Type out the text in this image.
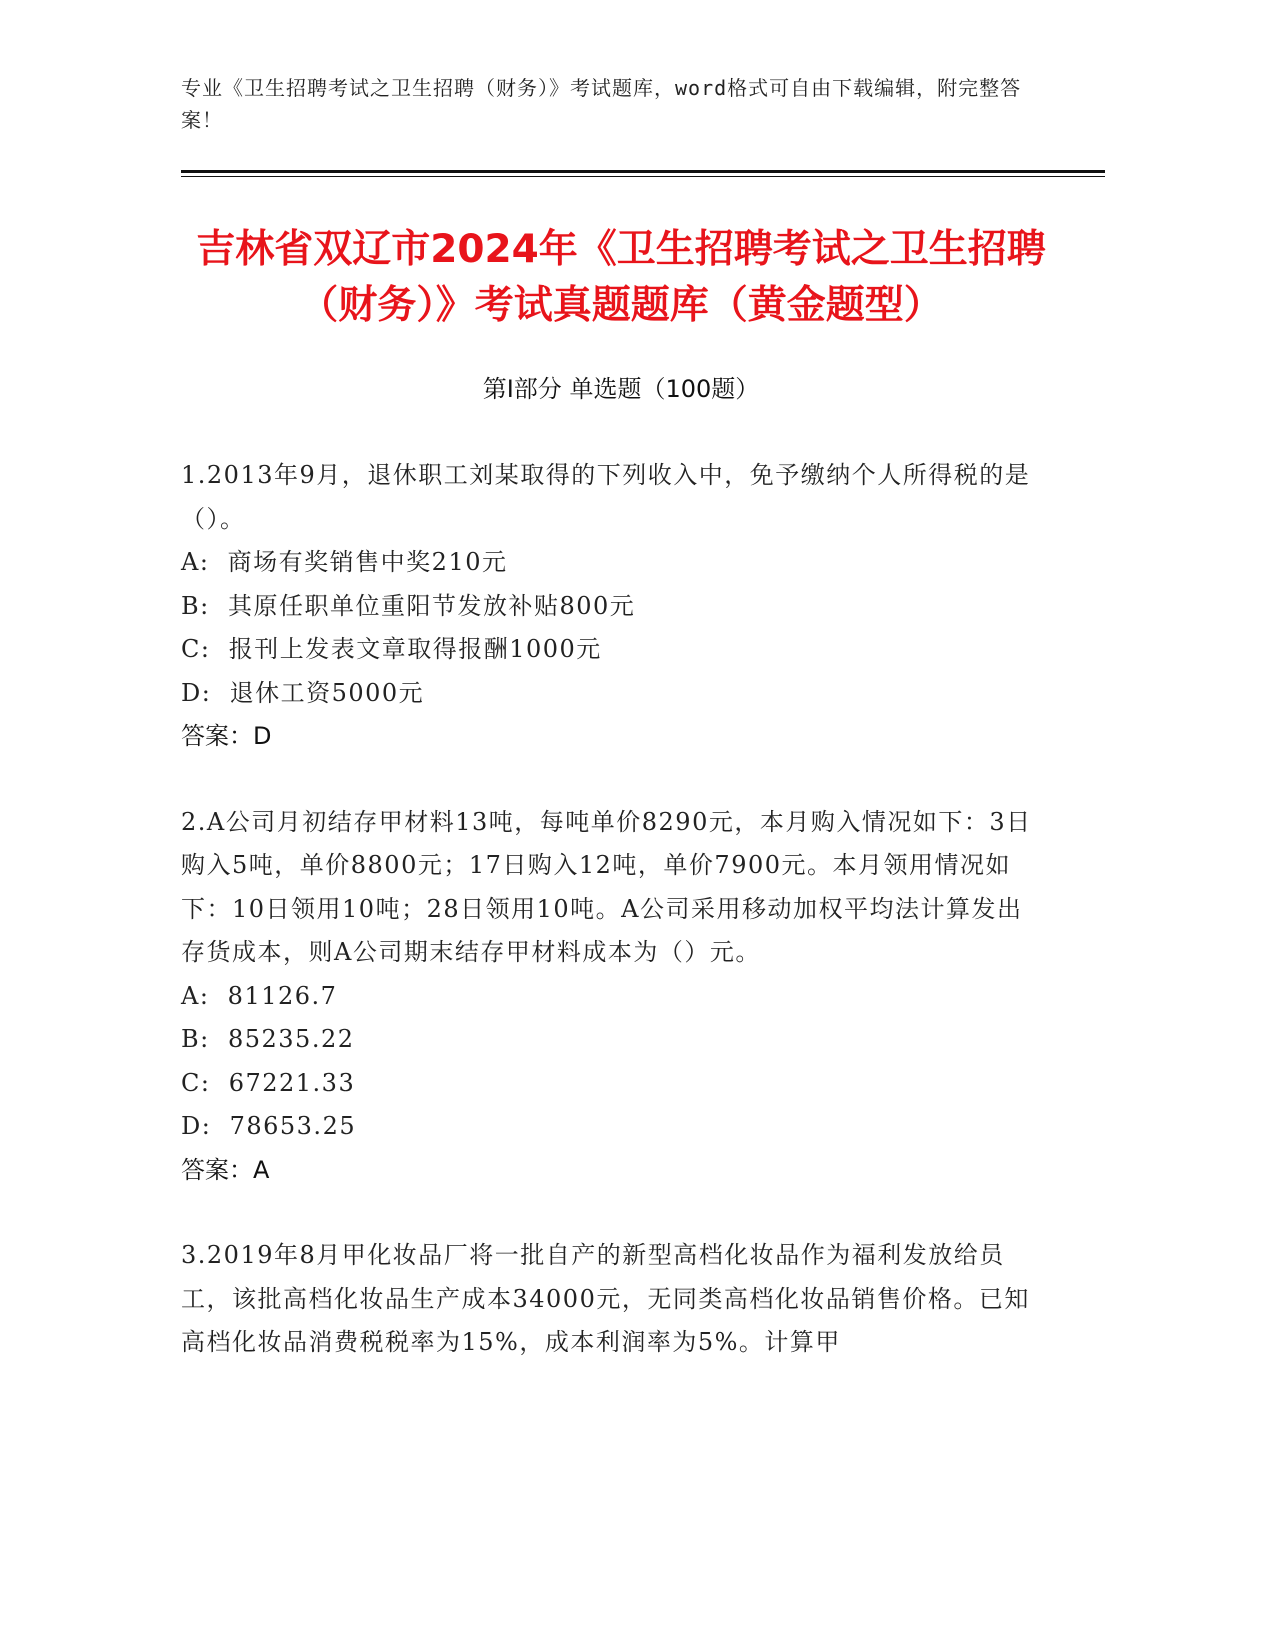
专业《卫生招聘考试之卫生招聘（财务）》考试题库，word格式可自由下载编辑，附完整答案！
吉林省双辽市2024年《卫生招聘考试之卫生招聘（财务）》考试真题题库（黄金题型）
第Ⅰ部分 单选题（100题）
1.2013年9月，退休职工刘某取得的下列收入中，免予缴纳个人所得税的是（）。
A:  商场有奖销售中奖210元
B:  其原任职单位重阳节发放补贴800元
C:  报刊上发表文章取得报酬1000元
D:  退休工资5000元
答案：D
2.A公司月初结存甲材料13吨，每吨单价8290元，本月购入情况如下：3日购入5吨，单价8800元；17日购入12吨，单价7900元。本月领用情况如下：10日领用10吨；28日领用10吨。A公司采用移动加权平均法计算发出存货成本，则A公司期末结存甲材料成本为（）元。
A:  81126.7
B:  85235.22
C:  67221.33
D:  78653.25
答案：A
3.2019年8月甲化妆品厂将一批自产的新型高档化妆品作为福利发放给员工，该批高档化妆品生产成本34000元，无同类高档化妆品销售价格。已知高档化妆品消费税税率为15%，成本利润率为5%。计算甲
